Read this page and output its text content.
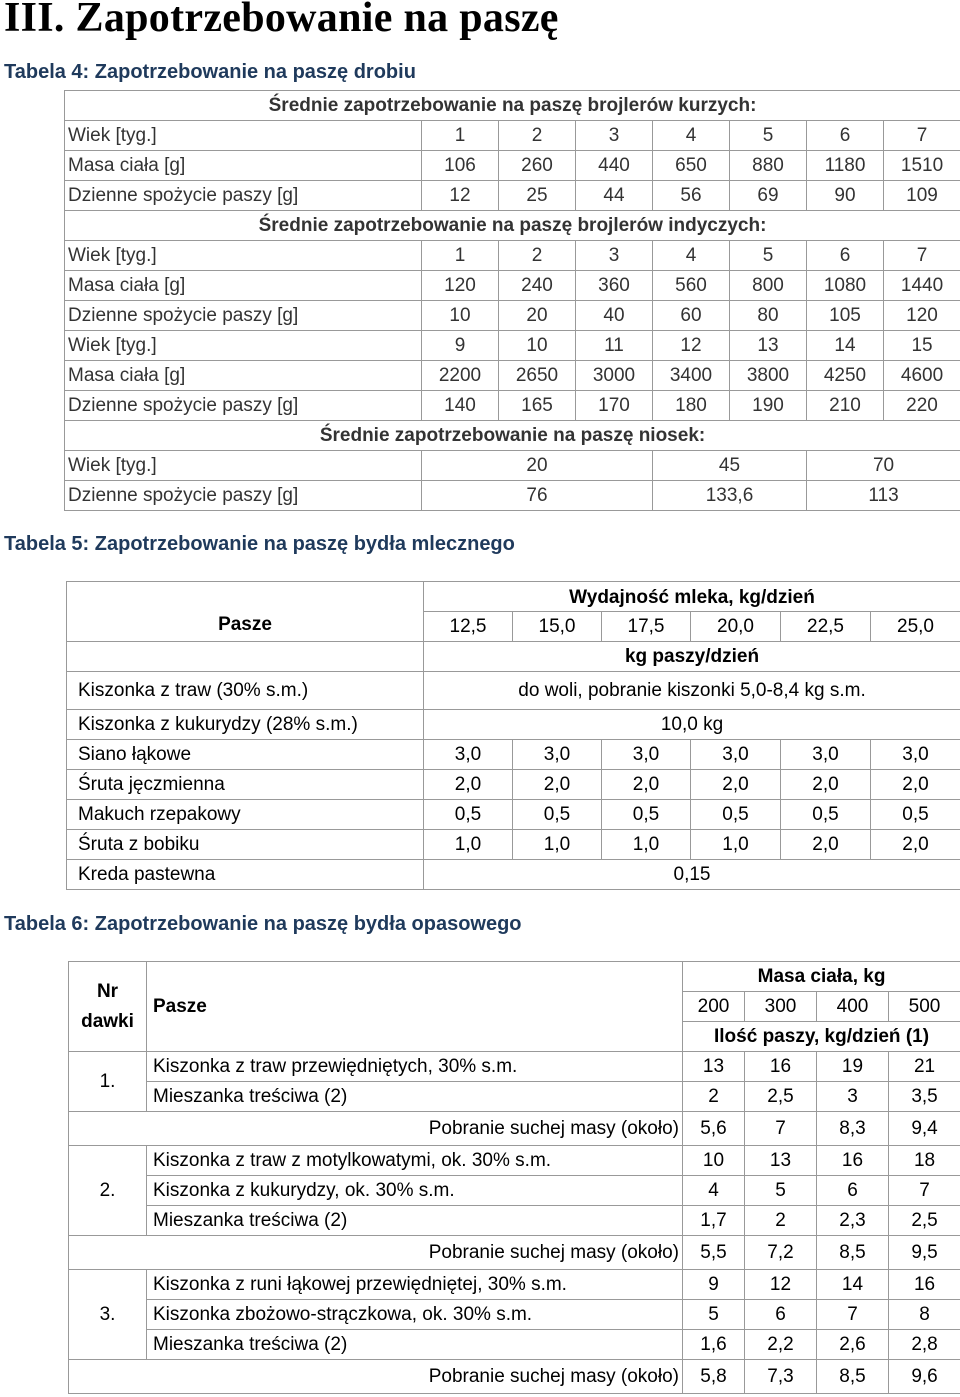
III. Zapotrzebowanie na paszę
Tabela 4: Zapotrzebowanie na paszę drobiu
Średnie zapotrzebowanie na paszę brojlerów kurzych:							
Wiek [tyg.]	1	2	3	4	5	6	7
Masa ciała [g]	106	260	440	650	880	1180	1510
Dzienne spożycie paszy [g]	12	25	44	56	69	90	109
Średnie zapotrzebowanie na paszę brojlerów indyczych:							
Wiek [tyg.]	1	2	3	4	5	6	7
Masa ciała [g]	120	240	360	560	800	1080	1440
Dzienne spożycie paszy [g]	10	20	40	60	80	105	120
Wiek [tyg.]	9	10	11	12	13	14	15
Masa ciała [g]	2200	2650	3000	3400	3800	4250	4600
Dzienne spożycie paszy [g]	140	165	170	180	190	210	220
Średnie zapotrzebowanie na paszę niosek:							
Wiek [tyg.]	20			45		70	
Dzienne spożycie paszy [g]	76			133,6		113	
Tabela 5: Zapotrzebowanie na paszę bydła mlecznego
Pasze	Wydajność mleka, kg/dzień					
	12,5	15,0	17,5	20,0	22,5	25,0
	kg paszy/dzień					
Kiszonka z traw (30% s.m.)	do woli, pobranie kiszonki 5,0-8,4 kg s.m.					
Kiszonka z kukurydzy (28% s.m.)	10,0 kg					
Siano łąkowe	3,0	3,0	3,0	3,0	3,0	3,0
Śruta jęczmienna	2,0	2,0	2,0	2,0	2,0	2,0
Makuch rzepakowy	0,5	0,5	0,5	0,5	0,5	0,5
Śruta z bobiku	1,0	1,0	1,0	1,0	2,0	2,0
Kreda pastewna	0,15					
Tabela 6: Zapotrzebowanie na paszę bydła opasowego
Nr dawki	Pasze	Masa ciała, kg			
		200	300	400	500
		Ilość paszy, kg/dzień (1)			
1.	Kiszonka z traw przewiędniętych, 30% s.m.	13	16	19	21
	Mieszanka treściwa (2)	2	2,5	3	3,5
Pobranie suchej masy (około)		5,6	7	8,3	9,4
2.	Kiszonka z traw z motylkowatymi, ok. 30% s.m.	10	13	16	18
	Kiszonka z kukurydzy, ok. 30% s.m.	4	5	6	7
	Mieszanka treściwa (2)	1,7	2	2,3	2,5
Pobranie suchej masy (około)		5,5	7,2	8,5	9,5
3.	Kiszonka z runi łąkowej przewiędniętej, 30% s.m.	9	12	14	16
	Kiszonka zbożowo-strączkowa, ok. 30% s.m.	5	6	7	8
	Mieszanka treściwa (2)	1,6	2,2	2,6	2,8
Pobranie suchej masy (około)		5,8	7,3	8,5	9,6
